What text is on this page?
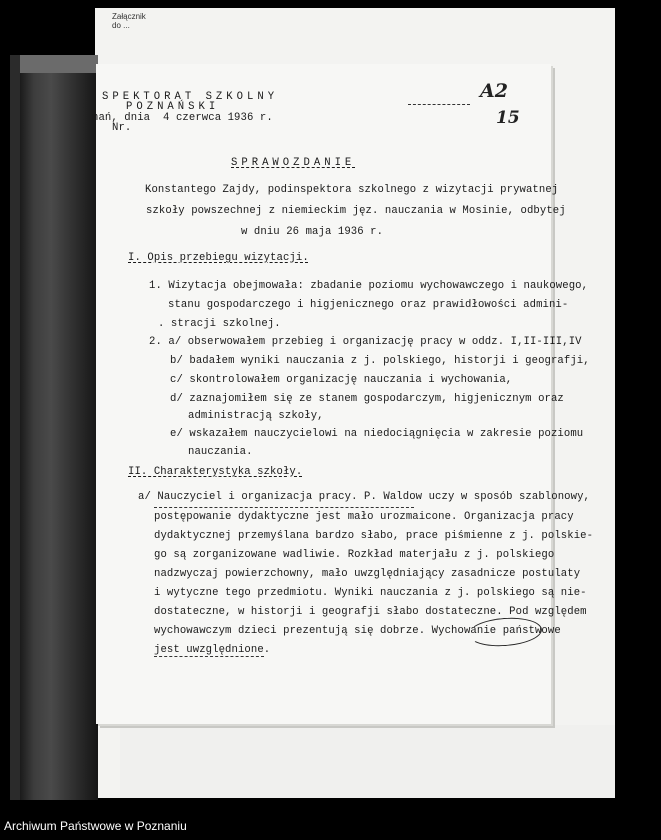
Załącznik do ...
SPEKTORAT SZKOLNY
POZNAŃSKI
nań, dnia  4 czerwca 1936 r.
Nr.
A2
15
SPRAWOZDANIE
Konstantego Zajdy, podinspektora szkolnego z wizytacji prywatnej
szkoły powszechnej z niemieckim jęz. nauczania w Mosinie, odbytej
w dniu 26 maja 1936 r.
I. Opis przebiegu wizytacji.
1. Wizytacja obejmowała: zbadanie poziomu wychowawczego i naukowego,
stanu gospodarczego i higjenicznego oraz prawidłowości admini-
. stracji szkolnej.
2. a/ obserwowałem przebieg i organizację pracy w oddz. I,II-III,IV
b/ badałem wyniki nauczania z j. polskiego, historji i geografji,
c/ skontrolowałem organizację nauczania i wychowania,
d/ zaznajomiłem się ze stanem gospodarczym, higjenicznym oraz
administracją szkoły,
e/ wskazałem nauczycielowi na niedociągnięcia w zakresie poziomu
nauczania.
II. Charakterystyka szkoły.
a/ Nauczyciel i organizacja pracy. P. Waldow uczy w sposób szablonowy,
postępowanie dydaktyczne jest mało urozmaicone. Organizacja pracy
dydaktycznej przemyślana bardzo słabo, prace piśmienne z j. polskie-
go są zorganizowane wadliwie. Rozkład materjału z j. polskiego
nadzwyczaj powierzchowny, mało uwzględniający zasadnicze postulaty
i wytyczne tego przedmiotu. Wyniki nauczania z j. polskiego są nie-
dostateczne, w historji i geografji słabo dostateczne. Pod względem
wychowawczym dzieci prezentują się dobrze. Wychowanie państwowe
jest uwzględnione.
Archiwum Państwowe w Poznaniu
